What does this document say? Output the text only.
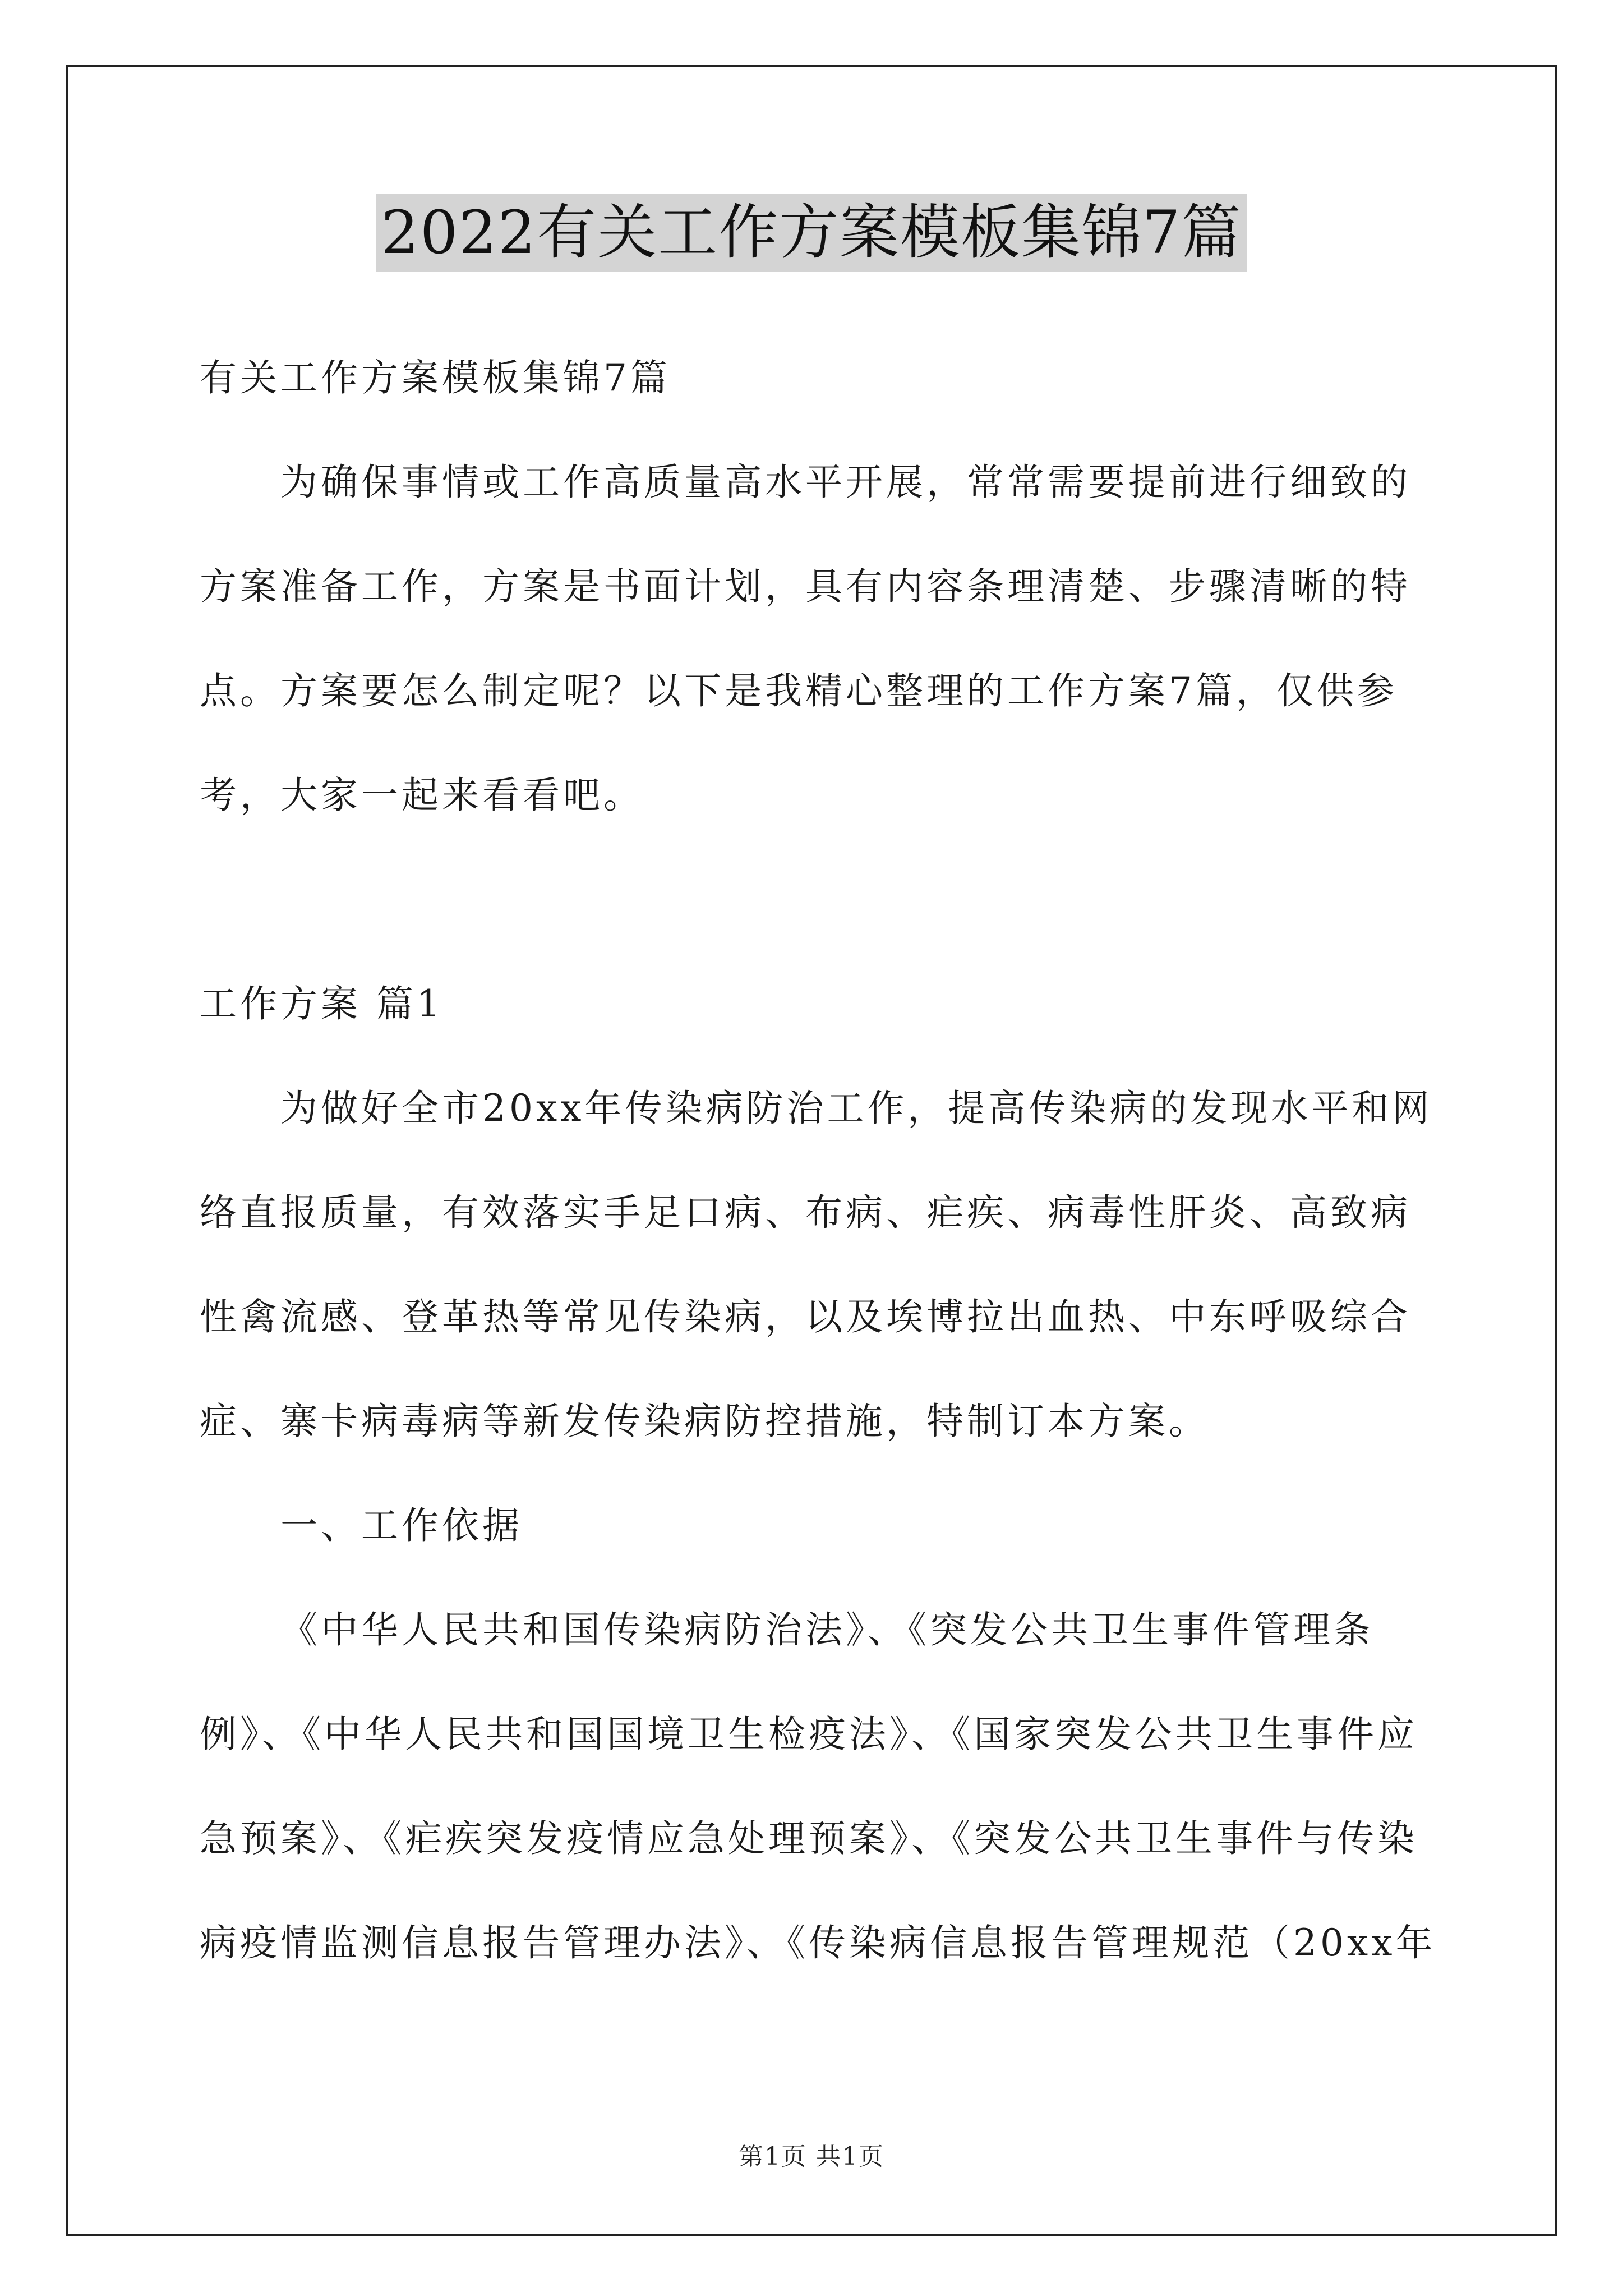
2022有关工作方案模板集锦7篇
有关工作方案模板集锦7篇
为确保事情或工作高质量高水平开展，常常需要提前进行细致的
方案准备工作，方案是书面计划，具有内容条理清楚、步骤清晰的特
点。方案要怎么制定呢？以下是我精心整理的工作方案7篇，仅供参
考，大家一起来看看吧。
工作方案 篇1
为做好全市20xx年传染病防治工作，提高传染病的发现水平和网
络直报质量，有效落实手足口病、布病、疟疾、病毒性肝炎、高致病
性禽流感、登革热等常见传染病，以及埃博拉出血热、中东呼吸综合
症、寨卡病毒病等新发传染病防控措施，特制订本方案。
一、工作依据
《中华人民共和国传染病防治法》、《突发公共卫生事件管理条
例》、《中华人民共和国国境卫生检疫法》、《国家突发公共卫生事件应
急预案》、《疟疾突发疫情应急处理预案》、《突发公共卫生事件与传染
病疫情监测信息报告管理办法》、《传染病信息报告管理规范（20xx年
第1页 共1页
